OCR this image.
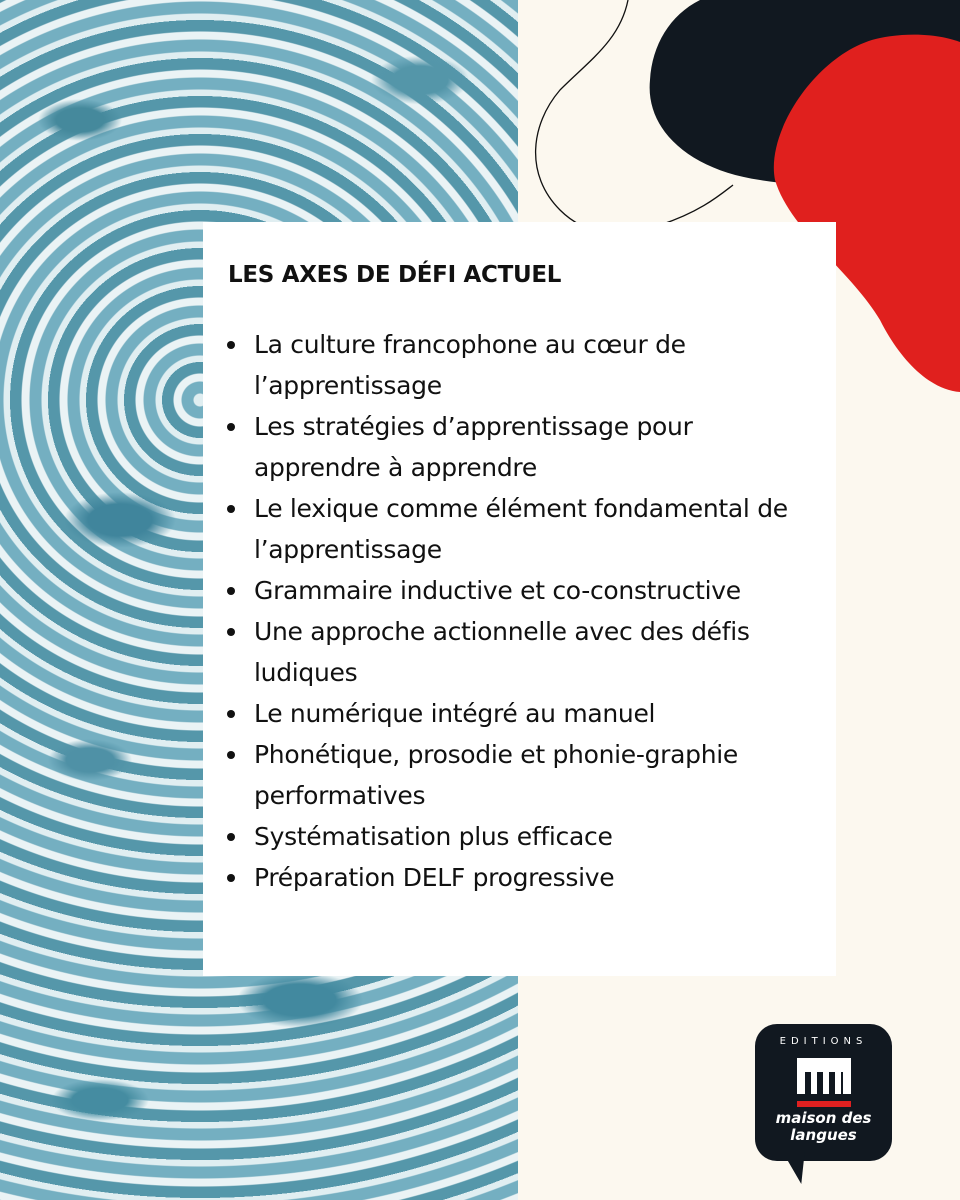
LES AXES DE DÉFI ACTUEL
La culture francophone au cœur de l’apprentissage
Les stratégies d’apprentissage pour apprendre à apprendre
Le lexique comme élément fondamental de l’apprentissage
Grammaire inductive et co-constructive
Une approche actionnelle avec des défis ludiques
Le numérique intégré au manuel
Phonétique, prosodie et phonie-graphie performatives
Systématisation plus efficace
Préparation DELF progressive
EDITIONS
maison des
langues
